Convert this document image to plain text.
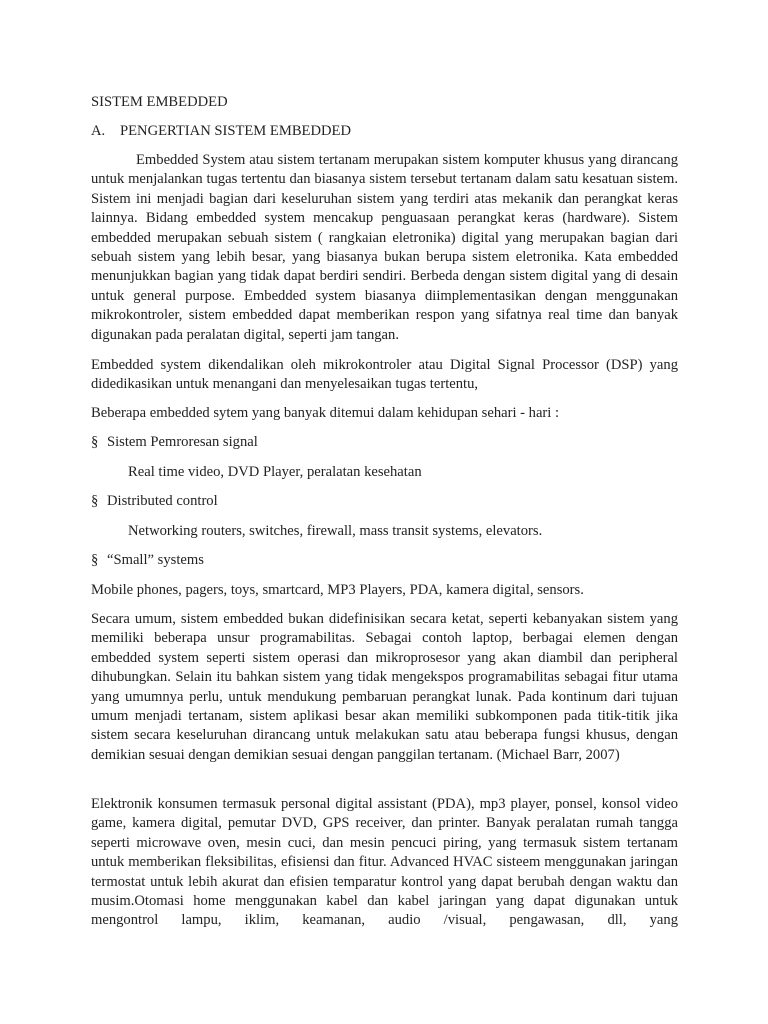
SISTEM EMBEDDED
A. PENGERTIAN SISTEM EMBEDDED
Embedded System atau sistem tertanam merupakan sistem komputer khusus yang dirancang untuk menjalankan tugas tertentu dan biasanya sistem tersebut tertanam dalam satu kesatuan sistem. Sistem ini menjadi bagian dari keseluruhan sistem yang terdiri atas mekanik dan perangkat keras lainnya. Bidang embedded system mencakup penguasaan perangkat keras (hardware). Sistem embedded merupakan sebuah sistem ( rangkaian eletronika) digital yang merupakan bagian dari sebuah sistem yang lebih besar, yang biasanya bukan berupa sistem eletronika. Kata embedded menunjukkan bagian yang tidak dapat berdiri sendiri. Berbeda dengan sistem digital yang di desain untuk general purpose. Embedded system biasanya diimplementasikan dengan menggunakan mikrokontroler, sistem embedded dapat memberikan respon yang sifatnya real time dan banyak digunakan pada peralatan digital, seperti jam tangan.
Embedded system dikendalikan oleh mikrokontroler atau Digital Signal Processor (DSP) yang didedikasikan untuk menangani dan menyelesaikan tugas tertentu,
Beberapa embedded sytem yang banyak ditemui dalam kehidupan sehari - hari :
§ Sistem Pemroresan signal
Real time video, DVD Player, peralatan kesehatan
§ Distributed control
Networking routers, switches, firewall, mass transit systems, elevators.
§ “Small” systems
Mobile phones, pagers, toys, smartcard, MP3 Players, PDA, kamera digital, sensors.
Secara umum, sistem embedded bukan didefinisikan secara ketat, seperti kebanyakan sistem yang memiliki beberapa unsur programabilitas. Sebagai contoh laptop, berbagai elemen dengan embedded system seperti sistem operasi dan mikroprosesor yang akan diambil dan peripheral dihubungkan. Selain itu bahkan sistem yang tidak mengekspos programabilitas sebagai fitur utama yang umumnya perlu, untuk mendukung pembaruan perangkat lunak. Pada kontinum dari tujuan umum menjadi tertanam, sistem aplikasi besar akan memiliki subkomponen pada titik-titik jika sistem secara keseluruhan dirancang untuk melakukan satu atau beberapa fungsi khusus, dengan demikian sesuai dengan demikian sesuai dengan panggilan tertanam. (Michael Barr, 2007)
Elektronik konsumen termasuk personal digital assistant (PDA), mp3 player, ponsel, konsol video game, kamera digital, pemutar DVD, GPS receiver, dan printer. Banyak peralatan rumah tangga seperti microwave oven, mesin cuci, dan mesin pencuci piring, yang termasuk sistem tertanam untuk memberikan fleksibilitas, efisiensi dan fitur. Advanced HVAC sisteem menggunakan jaringan termostat untuk lebih akurat dan efisien temparatur kontrol yang dapat berubah dengan waktu dan musim.Otomasi home menggunakan kabel dan kabel jaringan yang dapat digunakan untuk mengontrol lampu, iklim, keamanan, audio /visual, pengawasan, dll, yang
